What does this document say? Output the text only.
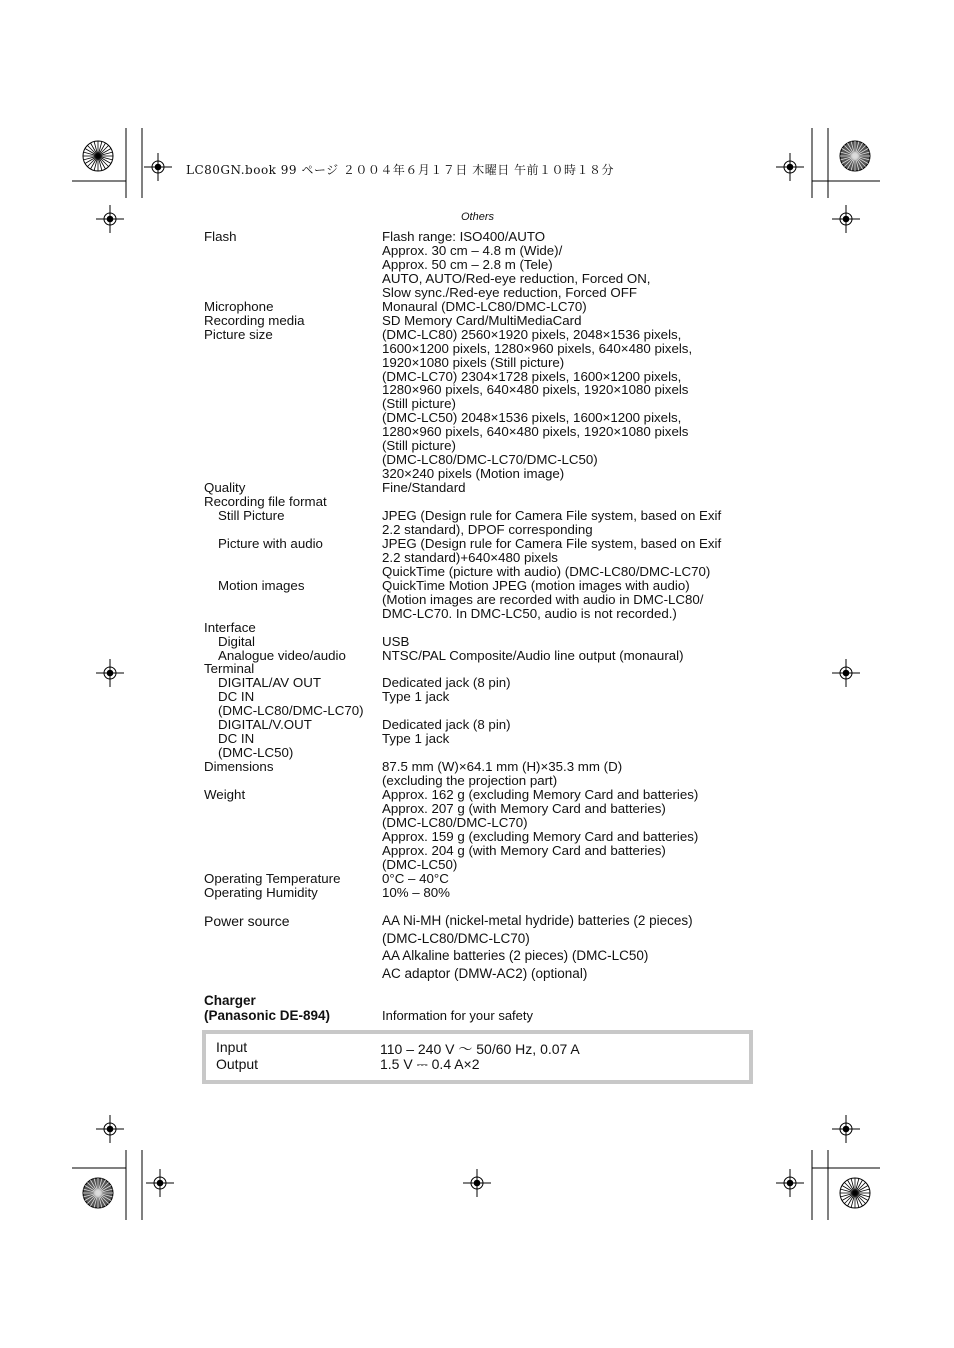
LC80GN.book 99 ページ ２００４年６月１７日 木曜日 午前１０時１８分
Others
Flash	Flash range: ISO400/AUTO
Approx. 30 cm – 4.8 m (Wide)/
Approx. 50 cm – 2.8 m (Tele)
AUTO, AUTO/Red-eye reduction, Forced ON,
Slow sync./Red-eye reduction, Forced OFF
Microphone	Monaural (DMC-LC80/DMC-LC70)
Recording media	SD Memory Card/MultiMediaCard
Picture size	(DMC-LC80) 2560×1920 pixels, 2048×1536 pixels,
1600×1200 pixels, 1280×960 pixels, 640×480 pixels,
1920×1080 pixels (Still picture)
(DMC-LC70) 2304×1728 pixels, 1600×1200 pixels,
1280×960 pixels, 640×480 pixels, 1920×1080 pixels
(Still picture)
(DMC-LC50) 2048×1536 pixels, 1600×1200 pixels,
1280×960 pixels, 640×480 pixels, 1920×1080 pixels
(Still picture)
(DMC-LC80/DMC-LC70/DMC-LC50)
320×240 pixels (Motion image)
Quality	Fine/Standard
Recording file format
Still Picture	JPEG (Design rule for Camera File system, based on Exif
2.2 standard), DPOF corresponding
Picture with audio	JPEG (Design rule for Camera File system, based on Exif
2.2 standard)+640×480 pixels
QuickTime (picture with audio) (DMC-LC80/DMC-LC70)
Motion images	QuickTime Motion JPEG (motion images with audio)
(Motion images are recorded with audio in DMC-LC80/
DMC-LC70. In DMC-LC50, audio is not recorded.)
Interface
Digital	USB
Analogue video/audio	NTSC/PAL Composite/Audio line output (monaural)
Terminal
DIGITAL/AV OUT	Dedicated jack (8 pin)
DC IN	Type 1 jack
(DMC-LC80/DMC-LC70)
DIGITAL/V.OUT	Dedicated jack (8 pin)
DC IN	Type 1 jack
(DMC-LC50)
Dimensions	87.5 mm (W)×64.1 mm (H)×35.3 mm (D)
(excluding the projection part)
Weight	Approx. 162 g (excluding Memory Card and batteries)
Approx. 207 g (with Memory Card and batteries)
(DMC-LC80/DMC-LC70)
Approx. 159 g (excluding Memory Card and batteries)
Approx. 204 g (with Memory Card and batteries)
(DMC-LC50)
Operating Temperature	0°C – 40°C
Operating Humidity	10% – 80%
Power source	AA Ni-MH (nickel-metal hydride) batteries (2 pieces)
(DMC-LC80/DMC-LC70)
AA Alkaline batteries (2 pieces) (DMC-LC50)
AC adaptor (DMW-AC2) (optional)
Charger
(Panasonic DE-894)	Information for your safety
Input	110 – 240 V ～ 50/60 Hz, 0.07 A
Output	1.5 V ⎓ 0.4 A×2
